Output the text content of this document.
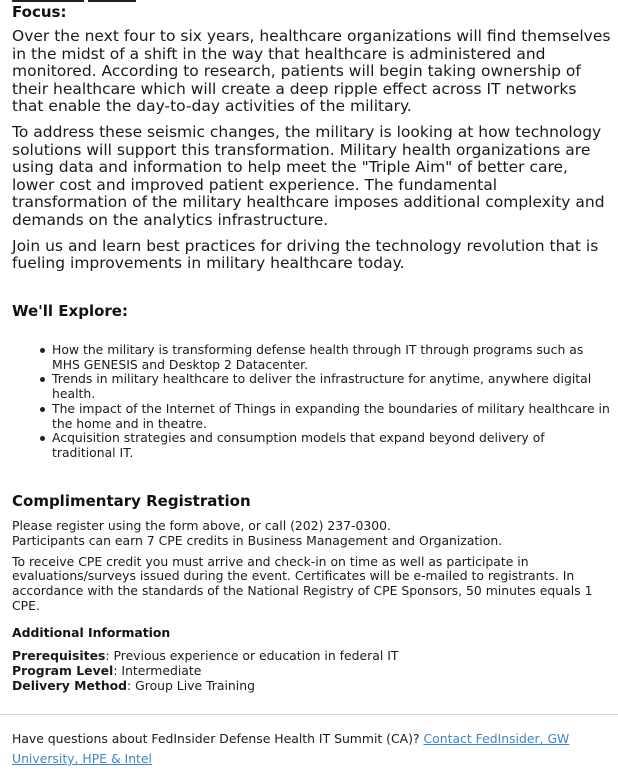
Focus:

Over the next four to six years, healthcare organizations will find themselves in the midst of a shift in the way that healthcare is administered and monitored. According to research, patients will begin taking ownership of their healthcare which will create a deep ripple effect across IT networks that enable the day-to-day activities of the military.

To address these seismic changes, the military is looking at how technology solutions will support this transformation. Military health organizations are using data and information to help meet the "Triple Aim" of better care, lower cost and improved patient experience. The fundamental transformation of the military healthcare imposes additional complexity and demands on the analytics infrastructure.

Join us and learn best practices for driving the technology revolution that is fueling improvements in military healthcare today.

We'll Explore:
How the military is transforming defense health through IT through programs such as MHS GENESIS and Desktop 2 Datacenter.
Trends in military healthcare to deliver the infrastructure for anytime, anywhere digital health.
The impact of the Internet of Things in expanding the boundaries of military healthcare in the home and in theatre.
Acquisition strategies and consumption models that expand beyond delivery of traditional IT.
Complimentary Registration

Please register using the form above, or call (202) 237-0300.

Participants can earn 7 CPE credits in Business Management and Organization.

To receive CPE credit you must arrive and check-in on time as well as participate in evaluations/surveys issued during the event. Certificates will be e-mailed to registrants. In accordance with the standards of the National Registry of CPE Sponsors, 50 minutes equals 1 CPE.

Additional Information
Prerequisites: Previous experience or education in federal IT
Program Level: Intermediate
Delivery Method: Group Live Training
Have questions about FedInsider Defense Health IT Summit (CA)? Contact FedInsider, GW University, HPE & Intel
